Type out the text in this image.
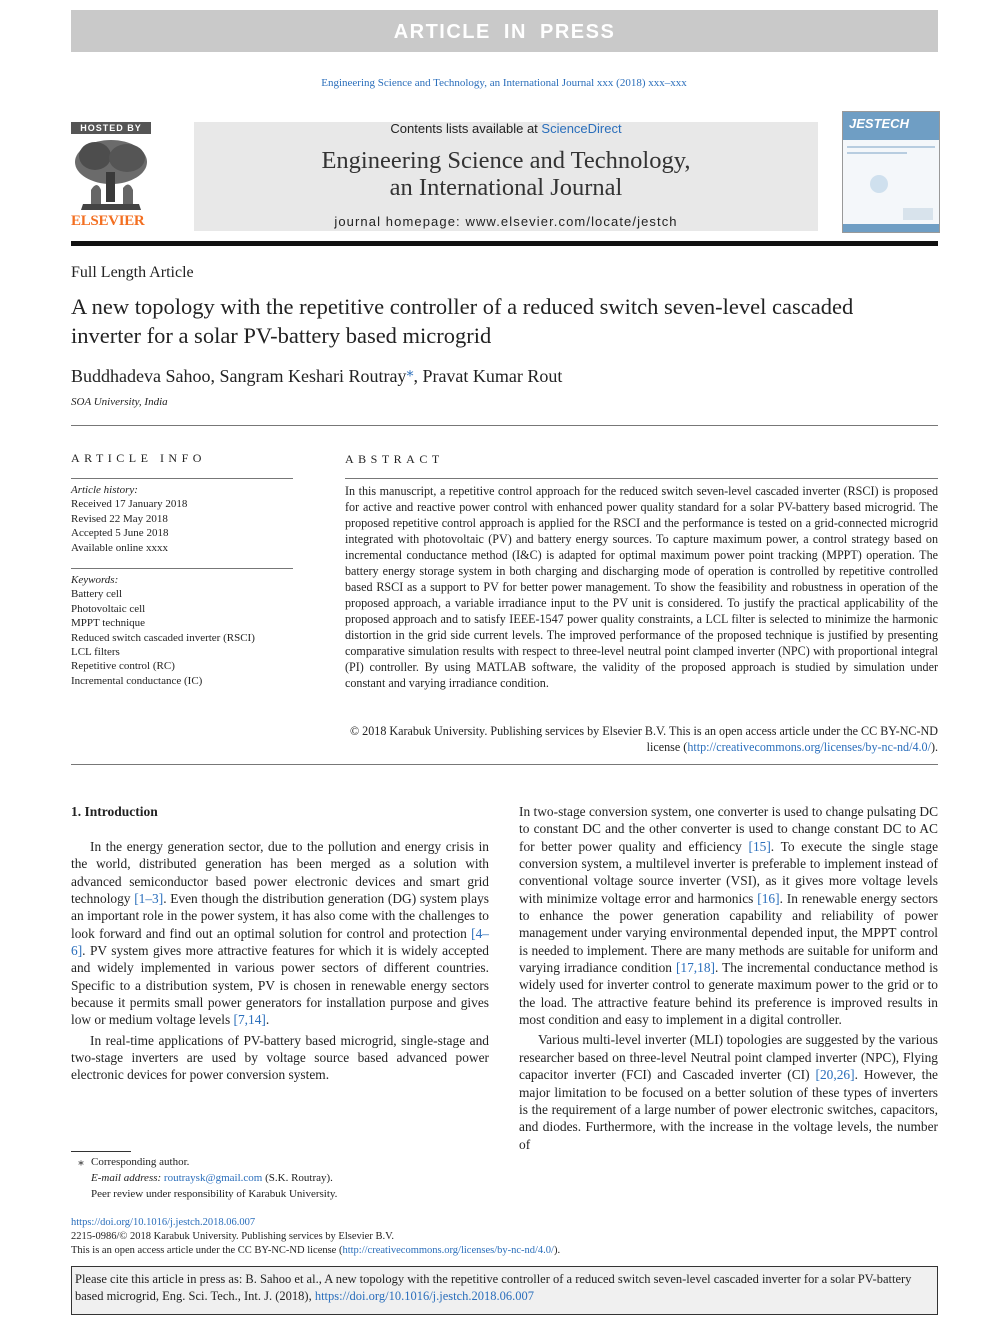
ARTICLE IN PRESS
Engineering Science and Technology, an International Journal xxx (2018) xxx–xxx
HOSTED BY
ELSEVIER
Contents lists available at ScienceDirect
Engineering Science and Technology,
an International Journal
journal homepage: www.elsevier.com/locate/jestch
JESTECH
Full Length Article
A new topology with the repetitive controller of a reduced switch seven-level cascaded inverter for a solar PV-battery based microgrid
Buddhadeva Sahoo, Sangram Keshari Routray⁎, Pravat Kumar Rout
SOA University, India
ARTICLE INFO	ABSTRACT
Article history:
Received 17 January 2018
Revised 22 May 2018
Accepted 5 June 2018
Available online xxxx
Keywords:
Battery cell
Photovoltaic cell
MPPT technique
Reduced switch cascaded inverter (RSCI)
LCL filters
Repetitive control (RC)
Incremental conductance (IC)
In this manuscript, a repetitive control approach for the reduced switch seven-level cascaded inverter (RSCI) is proposed for active and reactive power control with enhanced power quality standard for a solar PV-battery based microgrid. The proposed repetitive control approach is applied for the RSCI and the performance is tested on a grid-connected microgrid integrated with photovoltaic (PV) and battery energy sources. To capture maximum power, a control strategy based on incremental conductance method (I&C) is adapted for optimal maximum power point tracking (MPPT) operation. The battery energy storage system in both charging and discharging mode of operation is controlled by repetitive controlled based RSCI as a support to PV for better power management. To show the feasibility and robustness in operation of the proposed approach, a variable irradiance input to the PV unit is considered. To justify the practical applicability of the proposed approach and to satisfy IEEE-1547 power quality constraints, a LCL filter is selected to minimize the harmonic distortion in the grid side current levels. The improved performance of the proposed technique is justified by presenting comparative simulation results with respect to three-level neutral point clamped inverter (NPC) with proportional integral (PI) controller. By using MATLAB software, the validity of the proposed approach is studied by simulation under constant and varying irradiance condition.
© 2018 Karabuk University. Publishing services by Elsevier B.V. This is an open access article under the CC BY-NC-ND license (http://creativecommons.org/licenses/by-nc-nd/4.0/).
1. Introduction

In the energy generation sector, due to the pollution and energy crisis in the world, distributed generation has been merged as a solution with advanced semiconductor based power electronic devices and smart grid technology [1–3]. Even though the distribution generation (DG) system plays an important role in the power system, it has also come with the challenges to look forward and find out an optimal solution for control and protection [4–6]. PV system gives more attractive features for which it is widely accepted and widely implemented in various power sectors of different countries. Specific to a distribution system, PV is chosen in renewable energy sectors because it permits small power generators for installation purpose and gives low or medium voltage levels [7,14].

In real-time applications of PV-battery based microgrid, single-stage and two-stage inverters are used by voltage source based advanced power electronic devices for power conversion system.

In two-stage conversion system, one converter is used to change pulsating DC to constant DC and the other converter is used to change constant DC to AC for better power quality and efficiency [15]. To execute the single stage conversion system, a multilevel inverter is preferable to implement instead of conventional voltage source inverter (VSI), as it gives more voltage levels with minimize voltage error and harmonics [16]. In renewable energy sectors to enhance the power generation capability and reliability of power management under varying environmental depended input, the MPPT control is needed to implement. There are many methods are suitable for uniform and varying irradiance condition [17,18]. The incremental conductance method is widely used for inverter control to generate maximum power to the grid or to the load. The attractive feature behind its preference is improved results in most condition and easy to implement in a digital controller.

Various multi-level inverter (MLI) topologies are suggested by the various researcher based on three-level Neutral point clamped inverter (NPC), Flying capacitor inverter (FCI) and Cascaded inverter (CI) [20,26]. However, the major limitation to be focused on a better solution of these types of inverters is the requirement of a large number of power electronic switches, capacitors, and diodes. Furthermore, with the increase in the voltage levels, the number of

⁎ Corresponding author.
E-mail address: routraysk@gmail.com (S.K. Routray).
Peer review under responsibility of Karabuk University.
https://doi.org/10.1016/j.jestch.2018.06.007
2215-0986/© 2018 Karabuk University. Publishing services by Elsevier B.V.
This is an open access article under the CC BY-NC-ND license (http://creativecommons.org/licenses/by-nc-nd/4.0/).
Please cite this article in press as: B. Sahoo et al., A new topology with the repetitive controller of a reduced switch seven-level cascaded inverter for a solar PV-battery based microgrid, Eng. Sci. Tech., Int. J. (2018), https://doi.org/10.1016/j.jestch.2018.06.007
